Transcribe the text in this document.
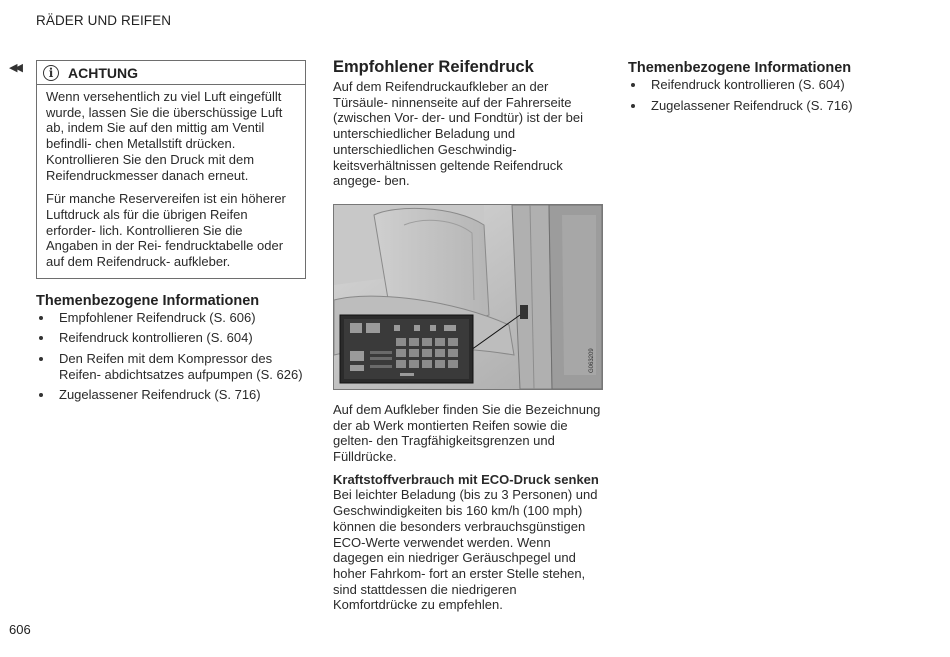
RÄDER UND REIFEN
◀◀	i	ACHTUNG

Wenn versehentlich zu viel Luft eingefüllt wurde, lassen Sie die überschüssige Luft ab, indem Sie auf den mittig am Ventil befindli- chen Metallstift drücken. Kontrollieren Sie den Druck mit dem Reifendruckmesser danach erneut.

Für manche Reservereifen ist ein höherer Luftdruck als für die übrigen Reifen erforder- lich. Kontrollieren Sie die Angaben in der Rei- fendrucktabelle oder auf dem Reifendruck- aufkleber.

Themenbezogene Informationen
Empfohlener Reifendruck (S. 606)
Reifendruck kontrollieren (S. 604)
Den Reifen mit dem Kompressor des Reifen- abdichtsatzes aufpumpen (S. 626)
Zugelassener Reifendruck (S. 716)
Empfohlener Reifendruck

Auf dem Reifendruckaufkleber an der Türsäule- ninnenseite auf der Fahrerseite (zwischen Vor- der- und Fondtür) ist der bei unterschiedlicher Beladung und unterschiedlichen Geschwindig- keitsverhältnissen geltende Reifendruck angege- ben.

G063209

Auf dem Aufkleber finden Sie die Bezeichnung der ab Werk montierten Reifen sowie die gelten- den Tragfähigkeitsgrenzen und Fülldrücke.

Kraftstoffverbrauch mit ECO-Druck senken

Bei leichter Beladung (bis zu 3 Personen) und Geschwindigkeiten bis 160 km/h (100 mph) können die besonders verbrauchsgünstigen ECO-Werte verwendet werden. Wenn dagegen ein niedriger Geräuschpegel und hoher Fahrkom- fort an erster Stelle stehen, sind stattdessen die niedrigeren Komfortdrücke zu empfehlen.

Themenbezogene Informationen
Reifendruck kontrollieren (S. 604)
Zugelassener Reifendruck (S. 716)
606
